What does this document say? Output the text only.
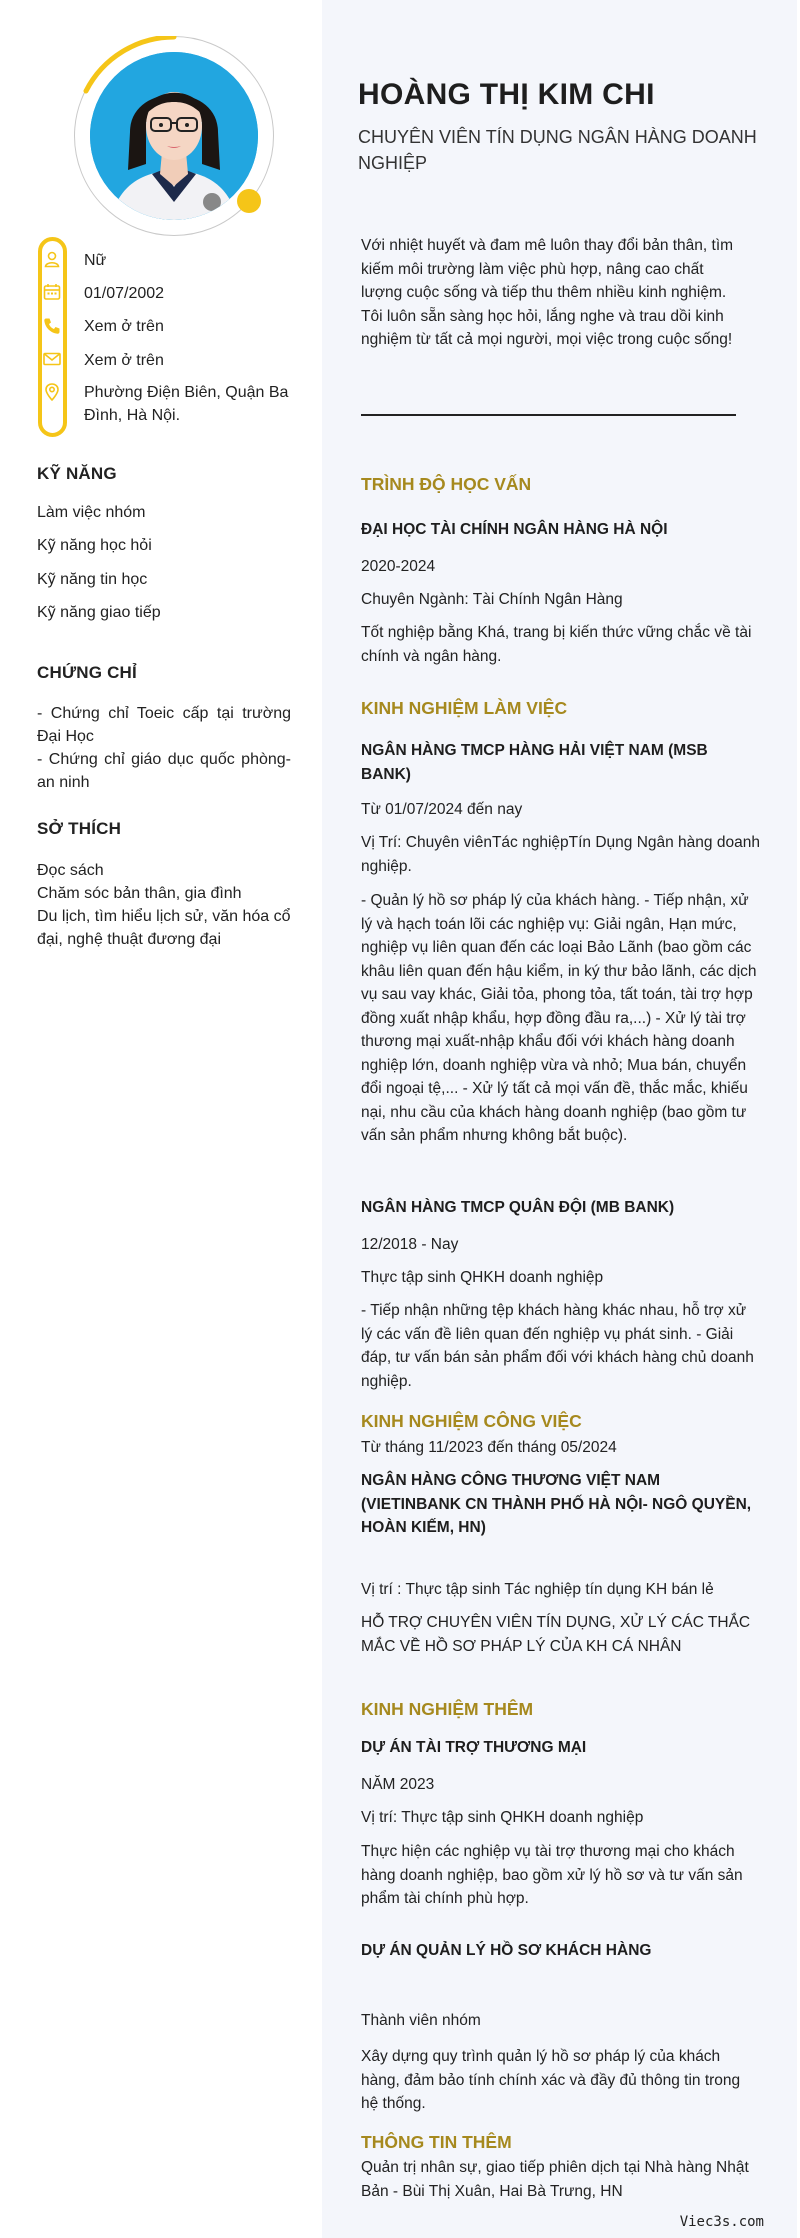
Nữ
01/07/2002
Xem ở trên
Xem ở trên
Phường Điện Biên, Quận Ba Đình, Hà Nội.
KỸ NĂNG
Làm việc nhóm
Kỹ năng học hỏi
Kỹ năng tin học
Kỹ năng giao tiếp
CHỨNG CHỈ
- Chứng chỉ Toeic cấp tại trường Đại Học
- Chứng chỉ giáo dục quốc phòng-an ninh
SỞ THÍCH
Đọc sách
Chăm sóc bản thân, gia đình
Du lịch, tìm hiểu lịch sử, văn hóa cổ đại, nghệ thuật đương đại
HOÀNG THỊ KIM CHI
CHUYÊN VIÊN TÍN DỤNG NGÂN HÀNG DOANH NGHIỆP
Với nhiệt huyết và đam mê luôn thay đổi bản thân, tìm kiếm môi trường làm việc phù hợp, nâng cao chất lượng cuộc sống và tiếp thu thêm nhiều kinh nghiệm. Tôi luôn sẵn sàng học hỏi, lắng nghe và trau dồi kinh nghiệm từ tất cả mọi người, mọi việc trong cuộc sống!
TRÌNH ĐỘ HỌC VẤN
ĐẠI HỌC TÀI CHÍNH NGÂN HÀNG HÀ NỘI
2020-2024
Chuyên Ngành: Tài Chính Ngân Hàng
Tốt nghiệp bằng Khá, trang bị kiến thức vững chắc về tài chính và ngân hàng.
KINH NGHIỆM LÀM VIỆC
NGÂN HÀNG TMCP HÀNG HẢI VIỆT NAM (MSB BANK)
Từ 01/07/2024 đến nay
Vị Trí: Chuyên viênTác nghiệpTín Dụng Ngân hàng doanh nghiệp.
- Quản lý hồ sơ pháp lý của khách hàng. - Tiếp nhận, xử lý và hạch toán lõi các nghiệp vụ: Giải ngân, Hạn mức, nghiệp vụ liên quan đến các loại Bảo Lãnh (bao gồm các khâu liên quan đến hậu kiểm, in ký thư bảo lãnh, các dịch vụ sau vay khác, Giải tỏa, phong tỏa, tất toán, tài trợ hợp đồng xuất nhập khẩu, hợp đồng đầu ra,...) - Xử lý tài trợ thương mại xuất-nhập khẩu đối với khách hàng doanh nghiệp lớn, doanh nghiệp vừa và nhỏ; Mua bán, chuyển đổi ngoại tệ,... - Xử lý tất cả mọi vấn đề, thắc mắc, khiếu nại, nhu cầu của khách hàng doanh nghiệp (bao gồm tư vấn sản phẩm nhưng không bắt buộc).
NGÂN HÀNG TMCP QUÂN ĐỘI (MB BANK)
12/2018 - Nay
Thực tập sinh QHKH doanh nghiệp
- Tiếp nhận những tệp khách hàng khác nhau, hỗ trợ xử lý các vấn đề liên quan đến nghiệp vụ phát sinh. - Giải đáp, tư vấn bán sản phẩm đối với khách hàng chủ doanh nghiệp.
KINH NGHIỆM CÔNG VIỆC
Từ tháng 11/2023 đến tháng 05/2024
NGÂN HÀNG CÔNG THƯƠNG VIỆT NAM (VIETINBANK CN THÀNH PHỐ HÀ NỘI- NGÔ QUYỀN, HOÀN KIẾM, HN)
Vị trí : Thực tập sinh Tác nghiệp tín dụng KH bán lẻ
HỖ TRỢ CHUYÊN VIÊN TÍN DỤNG, XỬ LÝ CÁC THẮC MẮC VỀ HỒ SƠ PHÁP LÝ CỦA KH CÁ NHÂN
KINH NGHIỆM THÊM
DỰ ÁN TÀI TRỢ THƯƠNG MẠI
NĂM 2023
Vị trí: Thực tập sinh QHKH doanh nghiệp
Thực hiện các nghiệp vụ tài trợ thương mại cho khách hàng doanh nghiệp, bao gồm xử lý hồ sơ và tư vấn sản phẩm tài chính phù hợp.
DỰ ÁN QUẢN LÝ HỒ SƠ KHÁCH HÀNG
Thành viên nhóm
Xây dựng quy trình quản lý hồ sơ pháp lý của khách hàng, đảm bảo tính chính xác và đầy đủ thông tin trong hệ thống.
THÔNG TIN THÊM
Quản trị nhân sự, giao tiếp phiên dịch tại Nhà hàng Nhật Bản - Bùi Thị Xuân, Hai Bà Trưng, HN
Viec3s.com
